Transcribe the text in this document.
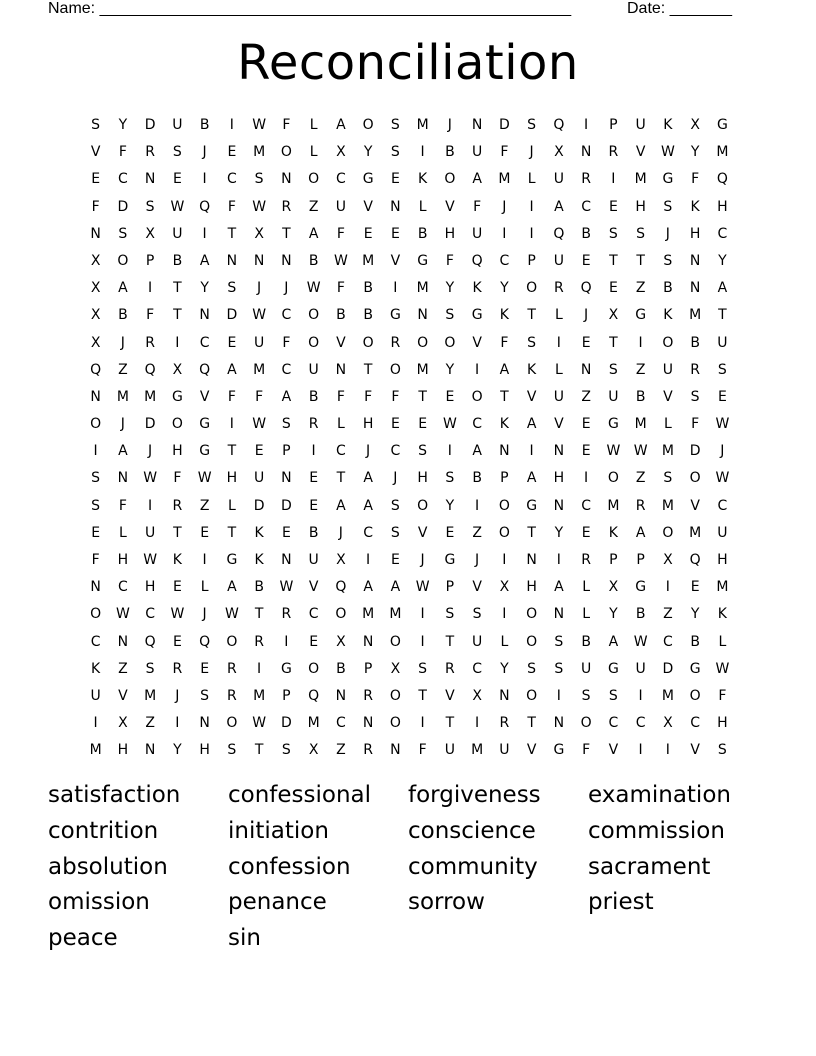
Name: _____________________________________________________	Date: _______
Reconciliation
S Y D U B I W F L A O S M J N D S Q I P U K X G
V F R S J E M O L X Y S I B U F J X N R V W Y M
E C N E I C S N O C G E K O A M L U R I M G F Q
F D S W Q F W R Z U V N L V F J I A C E H S K H
N S X U I T X T A F E E B H U I I Q B S S J H C
X O P B A N N N B W M V G F Q C P U E T T S N Y
X A I T Y S J J W F B I M Y K Y O R Q E Z B N A
X B F T N D W C O B B G N S G K T L J X G K M T
X J R I C E U F O V O R O O V F S I E T I O B U
Q Z Q X Q A M C U N T O M Y I A K L N S Z U R S
N M M G V F F A B F F F T E O T V U Z U B V S E
O J D O G I W S R L H E E W C K A V E G M L F W
I A J H G T E P I C J C S I A N I N E W W M D J
S N W F W H U N E T A J H S B P A H I O Z S O W
S F I R Z L D D E A A S O Y I O G N C M R M V C
E L U T E T K E B J C S V E Z O T Y E K A O M U
F H W K I G K N U X I E J G J I N I R P P X Q H
N C H E L A B W V Q A A W P V X H A L X G I E M
O W C W J W T R C O M M I S S I O N L Y B Z Y K
C N Q E Q O R I E X N O I T U L O S B A W C B L
K Z S R E R I G O B P X S R C Y S S U G U D G W
U V M J S R M P Q N R O T V X N O I S S I M O F
I X Z I N O W D M C N O I T I R T N O C C X C H
M H N Y H S T S X Z R N F U M U V G F V I I V S
satisfaction confessional forgiveness examination
contrition	initiation	conscience commission
absolution	confession community sacrament
omission	penance	sorrow	priest
peace	sin
